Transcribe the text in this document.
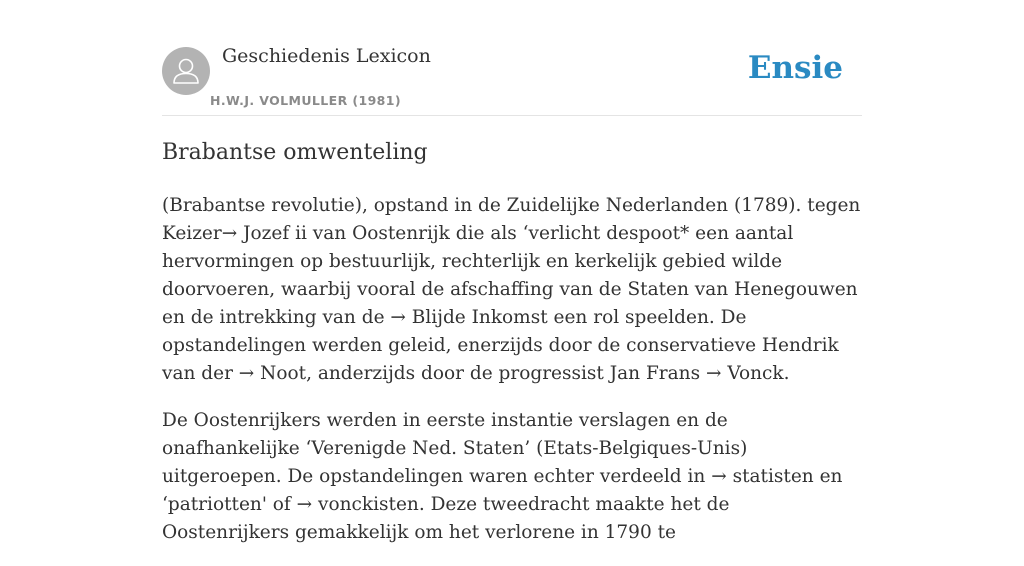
Geschiedenis Lexicon
H.W.J. VOLMULLER (1981)
Ensie
Brabantse omwenteling

(Brabantse revolutie), opstand in de Zuidelijke Nederlanden (1789). tegen Keizer→ Jozef ii van Oostenrijk die als ‘verlicht despoot* een aantal hervormingen op bestuurlijk, rechterlijk en kerkelijk gebied wilde doorvoeren, waarbij vooral de afschaffing van de Staten van Henegouwen en de intrekking van de → Blijde Inkomst een rol speelden. De opstandelingen werden geleid, enerzijds door de conservatieve Hendrik van der → Noot, anderzijds door de progressist Jan Frans → Vonck.

De Oostenrijkers werden in eerste instantie verslagen en de onafhankelijke ‘Verenigde Ned. Staten’ (Etats-Belgiques-Unis) uitgeroepen. De opstandelingen waren echter verdeeld in → statisten en ‘patriotten' of → vonckisten. Deze tweedracht maakte het de Oostenrijkers gemakkelijk om het verlorene in 1790 te
